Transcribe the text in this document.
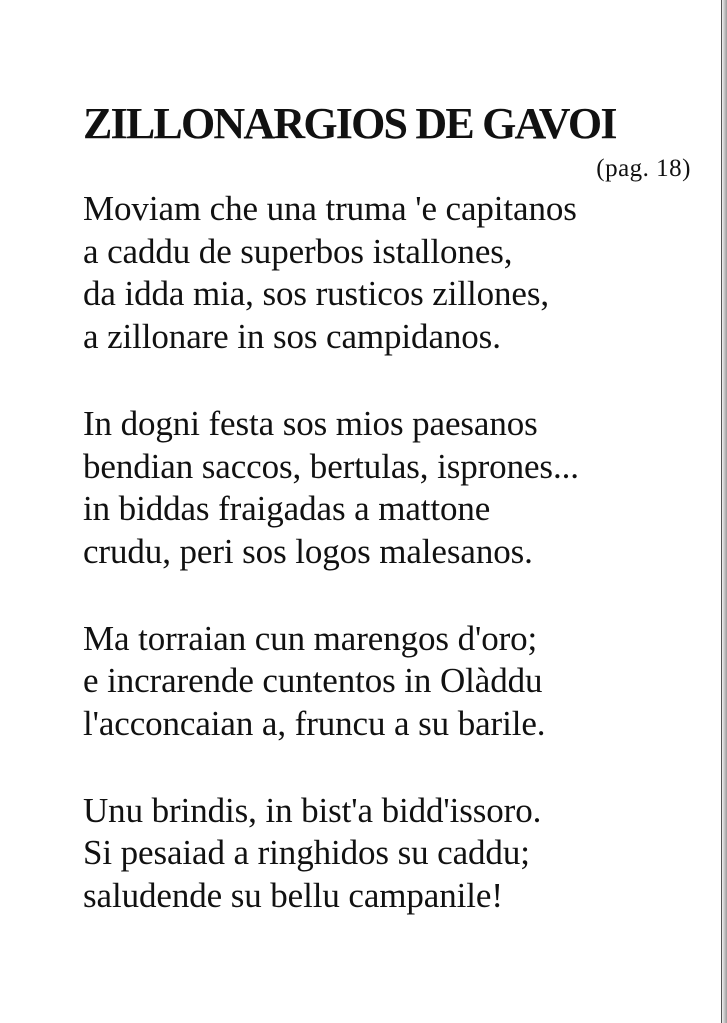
ZILLONARGIOS DE GAVOI
(pag. 18)
Moviam che una truma 'e capitanos
a caddu de superbos istallones,
da idda mia, sos rusticos zillones,
a zillonare in sos campidanos.
In dogni festa sos mios paesanos
bendian saccos, bertulas, isprones...
in biddas fraigadas a mattone
crudu, peri sos logos malesanos.
Ma torraian cun marengos d'oro;
e incrarende cuntentos in Olàddu
l'acconcaian a, fruncu a su barile.
Unu brindis, in bist'a bidd'issoro.
Si pesaiad a ringhidos su caddu;
saludende su bellu campanile!
